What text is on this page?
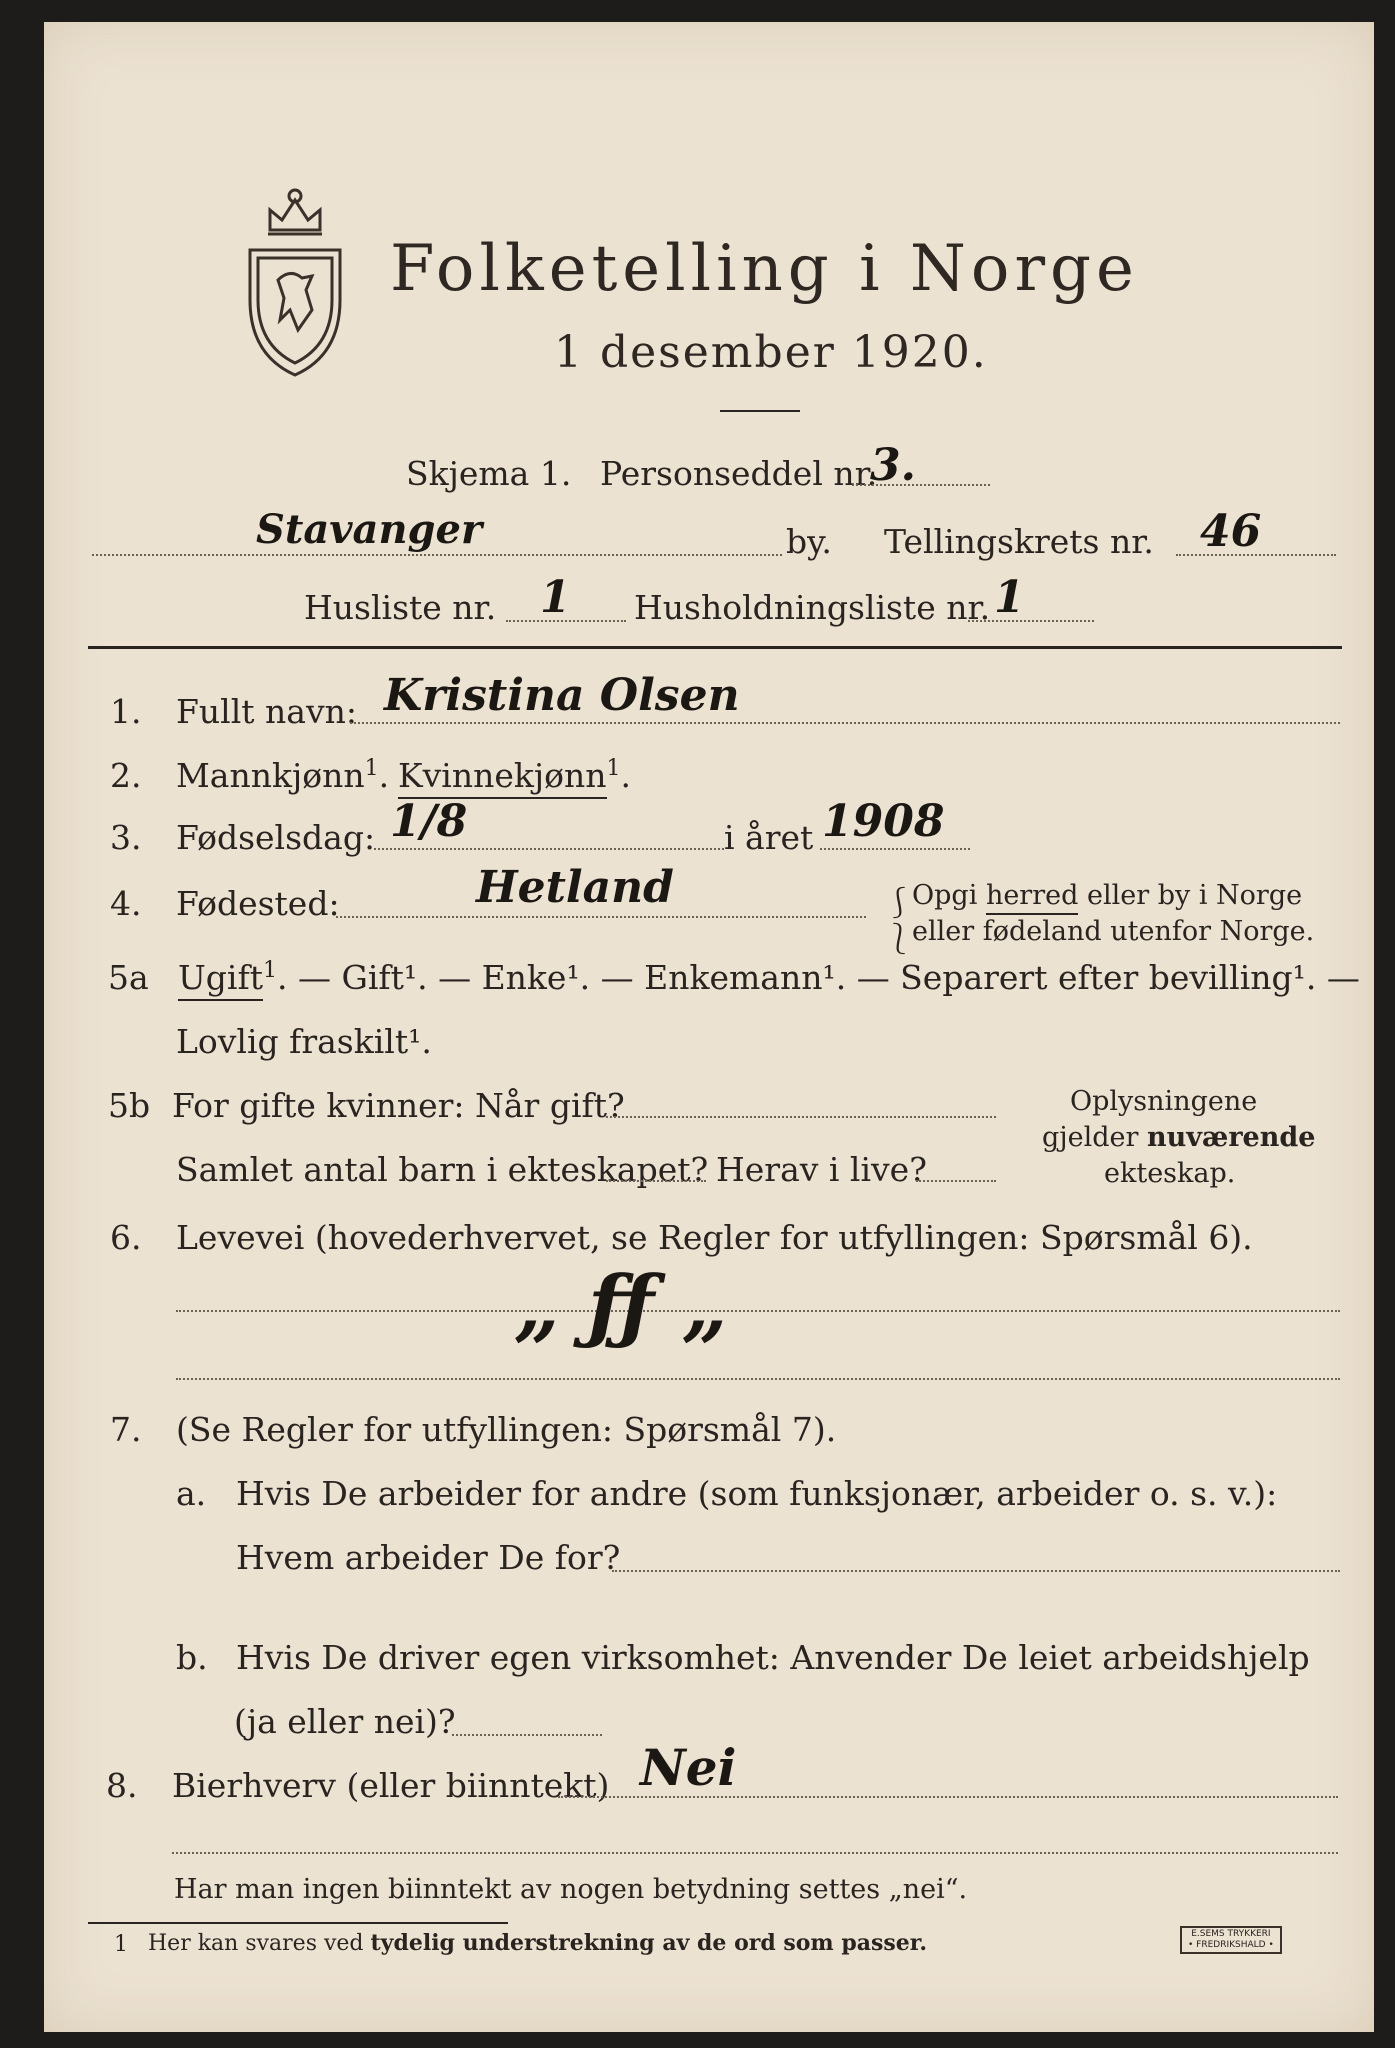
Folketelling i Norge
1 desember 1920.
Skjema 1. Personseddel nr.
3.
Stavanger	by. Tellingskrets nr. 46
Husliste nr. 1 Husholdningsliste nr. 1
1. Fullt navn: Kristina Olsen
2. Mannkjønn$^1$. Kvinnekjønn$^1$.
3. Fødselsdag: 1/8	i året 1908
4. Fødested:	Hetland	⎰
Opgi herred eller by i Norge
⎱
eller fødeland utenfor Norge.
5a Ugift$^1$. — Gift¹. — Enke¹. — Enkemann¹. — Separert efter bevilling¹. —
Lovlig fraskilt¹.
5b For gifte kvinner: Når gift?
Samlet antal barn i ekteskapet? Herav i live?
Oplysningene
gjelder nuværende
ekteskap.
6. Levevei (hovederhvervet, se Regler for utfyllingen: Spørsmål 6).
„ ƒƒ „
7. (Se Regler for utfyllingen: Spørsmål 7).
a. Hvis De arbeider for andre (som funksjonær, arbeider o. s. v.):
Hvem arbeider De for?
b. Hvis De driver egen virksomhet: Anvender De leiet arbeidshjelp
(ja eller nei)?
8. Bierhverv (eller biinntekt) Nei
Har man ingen biinntekt av nogen betydning settes „nei“.
1 Her kan svares ved tydelig understrekning av de ord som passer.	E.SEMS TRYKKERI
• FREDRIKSHALD •
